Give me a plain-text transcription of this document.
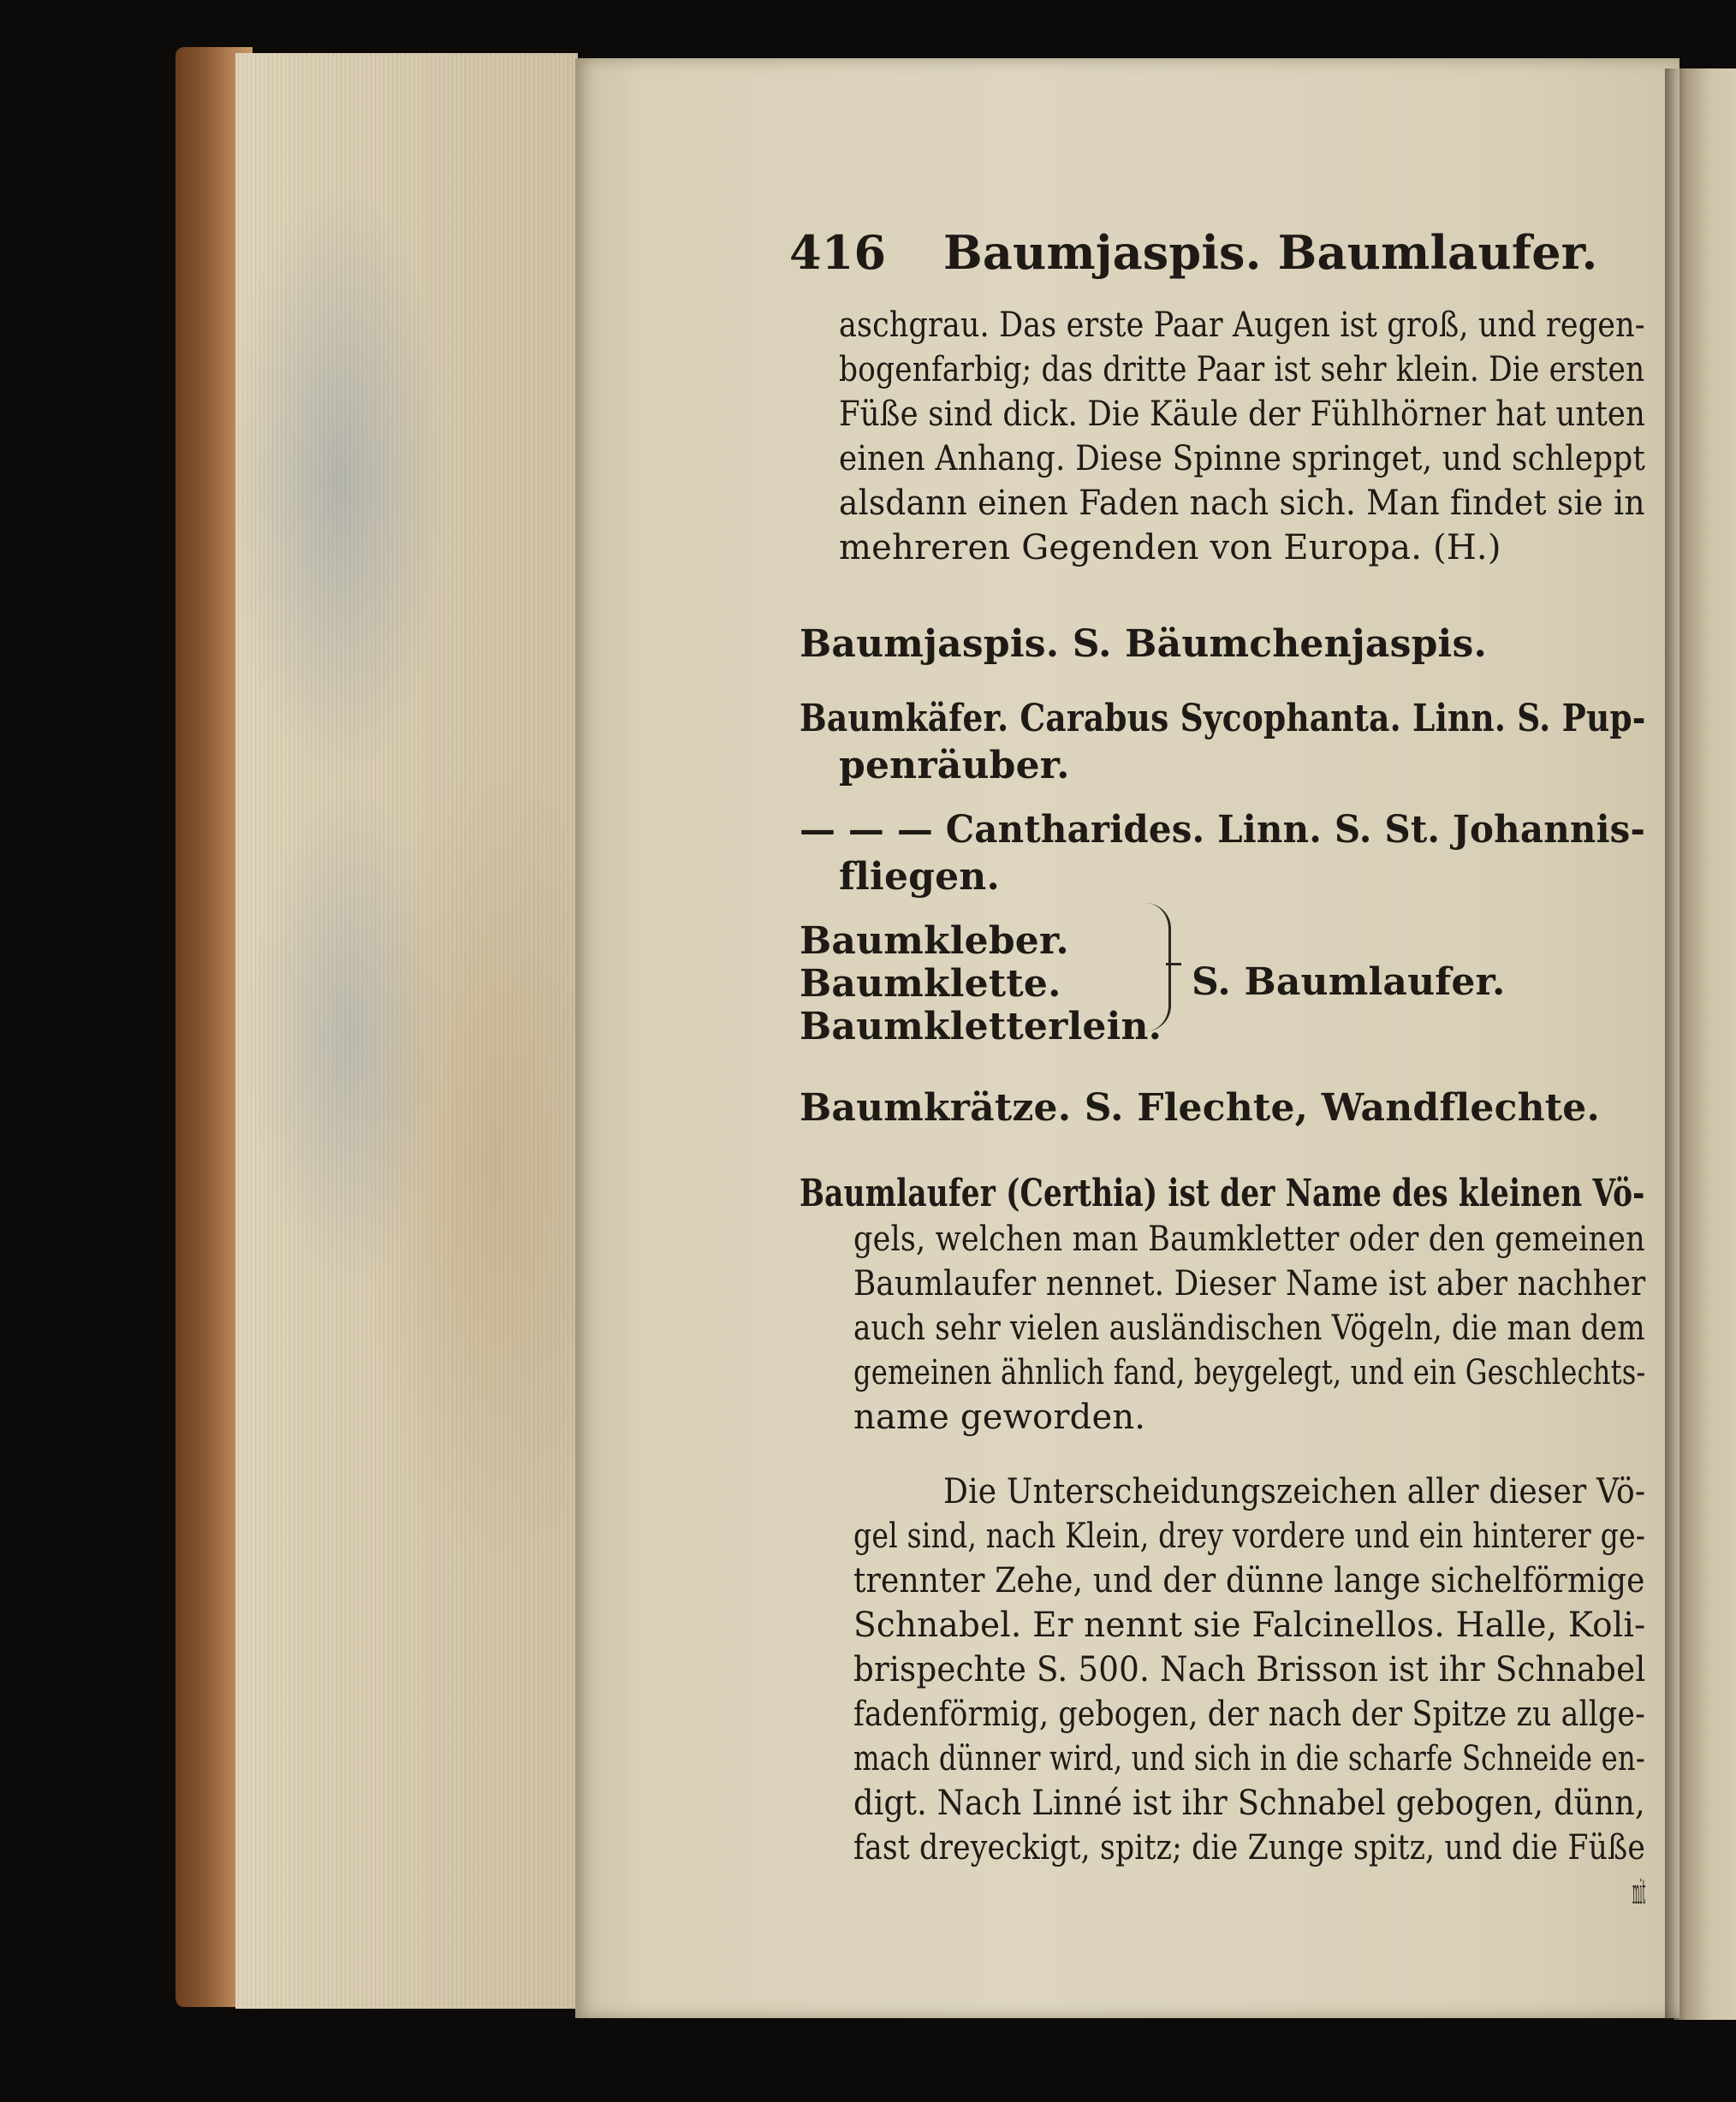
416 Baumjaspis. Baumlaufer.
aschgrau. Das erste Paar Augen ist groß, und regen-
bogenfarbig; das dritte Paar ist sehr klein. Die ersten
Füße sind dick. Die Käule der Fühlhörner hat unten
einen Anhang. Diese Spinne springet, und schleppt
alsdann einen Faden nach sich. Man findet sie in
mehreren Gegenden von Europa. (H.)
Baumjaspis. S. Bäumchenjaspis.
Baumkäfer. Carabus Sycophanta. Linn. S. Pup-
penräuber.
— — — Cantharides. Linn. S. St. Johannis-
fliegen.
Baumkleber.
Baumklette.
Baumkletterlein.
S. Baumlaufer.
Baumkrätze. S. Flechte, Wandflechte.
Baumlaufer (Certhia) ist der Name des kleinen Vö-
gels, welchen man Baumkletter oder den gemeinen
Baumlaufer nennet. Dieser Name ist aber nachher
auch sehr vielen ausländischen Vögeln, die man dem
gemeinen ähnlich fand, beygelegt, und ein Geschlechts-
name geworden.
Die Unterscheidungszeichen aller dieser Vö-
gel sind, nach Klein, drey vordere und ein hinterer ge-
trennter Zehe, und der dünne lange sichelförmige
Schnabel. Er nennt sie Falcinellos. Halle, Koli-
brispechte S. 500. Nach Brisson ist ihr Schnabel
fadenförmig, gebogen, der nach der Spitze zu allge-
mach dünner wird, und sich in die scharfe Schneide en-
digt. Nach Linné ist ihr Schnabel gebogen, dünn,
fast dreyeckigt, spitz; die Zunge spitz, und die Füße
mit
